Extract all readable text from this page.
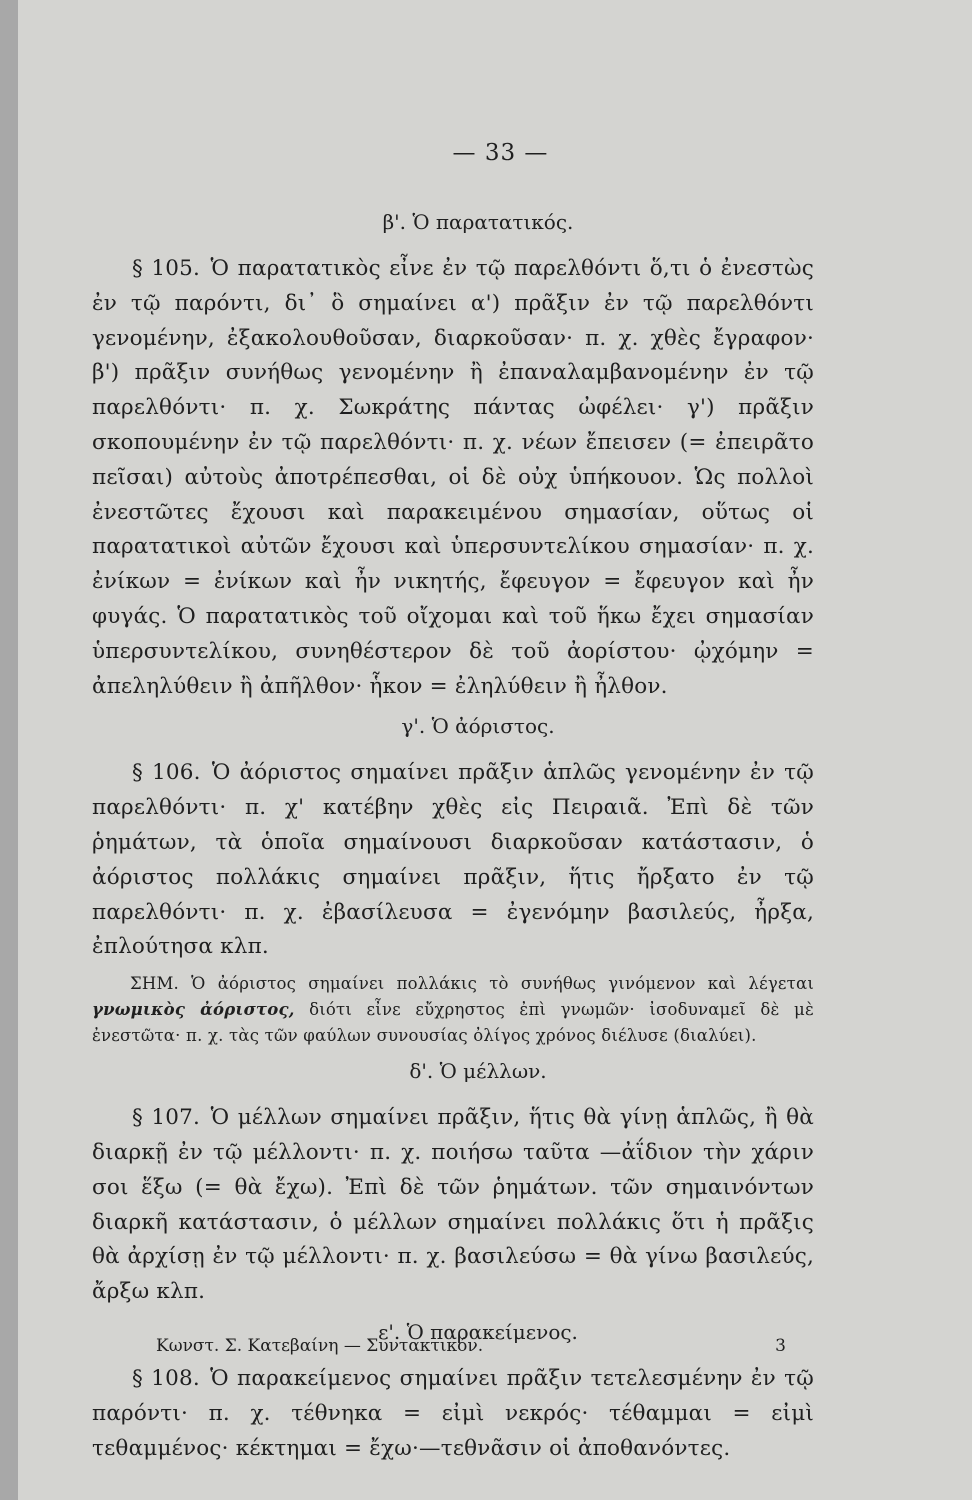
— 33 —
β'. Ὁ παρατατικός.

§ 105. Ὁ παρατατικὸς εἶνε ἐν τῷ παρελθόντι ὅ,τι ὁ ἐνεστὼς ἐν τῷ παρόντι, δι᾽ ὃ σημαίνει α') πρᾶξιν ἐν τῷ παρελθόντι γενομένην, ἐξακολουθοῦσαν, διαρκοῦσαν· π. χ. χθὲς ἔγραφον· β') πρᾶξιν συνήθως γενομένην ἢ ἐπαναλαμβανομένην ἐν τῷ παρελθόντι· π. χ. Σωκράτης πάντας ὠφέλει· γ') πρᾶξιν σκοπουμένην ἐν τῷ παρελθόντι· π. χ. νέων ἔπεισεν (= ἐπειρᾶτο πεῖσαι) αὐτοὺς ἀποτρέπεσθαι, οἱ δὲ οὐχ ὑπήκουον. Ὡς πολλοὶ ἐνεστῶτες ἔχουσι καὶ παρακειμένου σημασίαν, οὕτως οἱ παρατατικοὶ αὐτῶν ἔχουσι καὶ ὑπερσυντελίκου σημασίαν· π. χ. ἐνίκων = ἐνίκων καὶ ἦν νικητής, ἔφευγον = ἔφευγον καὶ ἦν φυγάς. Ὁ παρατατικὸς τοῦ οἴχομαι καὶ τοῦ ἥκω ἔχει σημασίαν ὑπερσυντελίκου, συνηθέστερον δὲ τοῦ ἀορίστου· ᾠχόμην = ἀπεληλύθειν ἢ ἀπῆλθον· ἧκον = ἐληλύθειν ἢ ἦλθον.

γ'. Ὁ ἀόριστος.

§ 106. Ὁ ἀόριστος σημαίνει πρᾶξιν ἁπλῶς γενομένην ἐν τῷ παρελθόντι· π. χ' κατέβην χθὲς εἰς Πειραιᾶ. Ἐπὶ δὲ τῶν ῥημάτων, τὰ ὁποῖα σημαίνουσι διαρκοῦσαν κατάστασιν, ὁ ἀόριστος πολλάκις σημαίνει πρᾶξιν, ἥτις ἤρξατο ἐν τῷ παρελθόντι· π. χ. ἐβασίλευσα = ἐγενόμην βασιλεύς, ἦρξα, ἐπλούτησα κλπ.

ΣΗΜ. Ὁ ἀόριστος σημαίνει πολλάκις τὸ συνήθως γινόμενον καὶ λέγεται γνωμικὸς ἀόριστος, διότι εἶνε εὔχρηστος ἐπὶ γνωμῶν· ἰσοδυναμεῖ δὲ μὲ ἐνεστῶτα· π. χ. τὰς τῶν φαύλων συνουσίας ὀλίγος χρόνος διέλυσε (διαλύει).

δ'. Ὁ μέλλων.

§ 107. Ὁ μέλλων σημαίνει πρᾶξιν, ἥτις θὰ γίνῃ ἁπλῶς, ἢ θὰ διαρκῇ ἐν τῷ μέλλοντι· π. χ. ποιήσω ταῦτα —ἀΐδιον τὴν χάριν σοι ἕξω (= θὰ ἔχω). Ἐπὶ δὲ τῶν ῥημάτων. τῶν σημαινόντων διαρκῆ κατάστασιν, ὁ μέλλων σημαίνει πολλάκις ὅτι ἡ πρᾶξις θὰ ἀρχίσῃ ἐν τῷ μέλλοντι· π. χ. βασιλεύσω = θὰ γίνω βασιλεύς, ἄρξω κλπ.

ε'. Ὁ παρακείμενος.

§ 108. Ὁ παρακείμενος σημαίνει πρᾶξιν τετελεσμένην ἐν τῷ παρόντι· π. χ. τέθνηκα = εἰμὶ νεκρός· τέθαμμαι = εἰμὶ τεθαμμένος· κέκτημαι = ἔχω·—τεθνᾶσιν οἱ ἀποθανόντες.

Κωνστ. Σ. Κατεβαίνη — Συντακτικόν.	3
